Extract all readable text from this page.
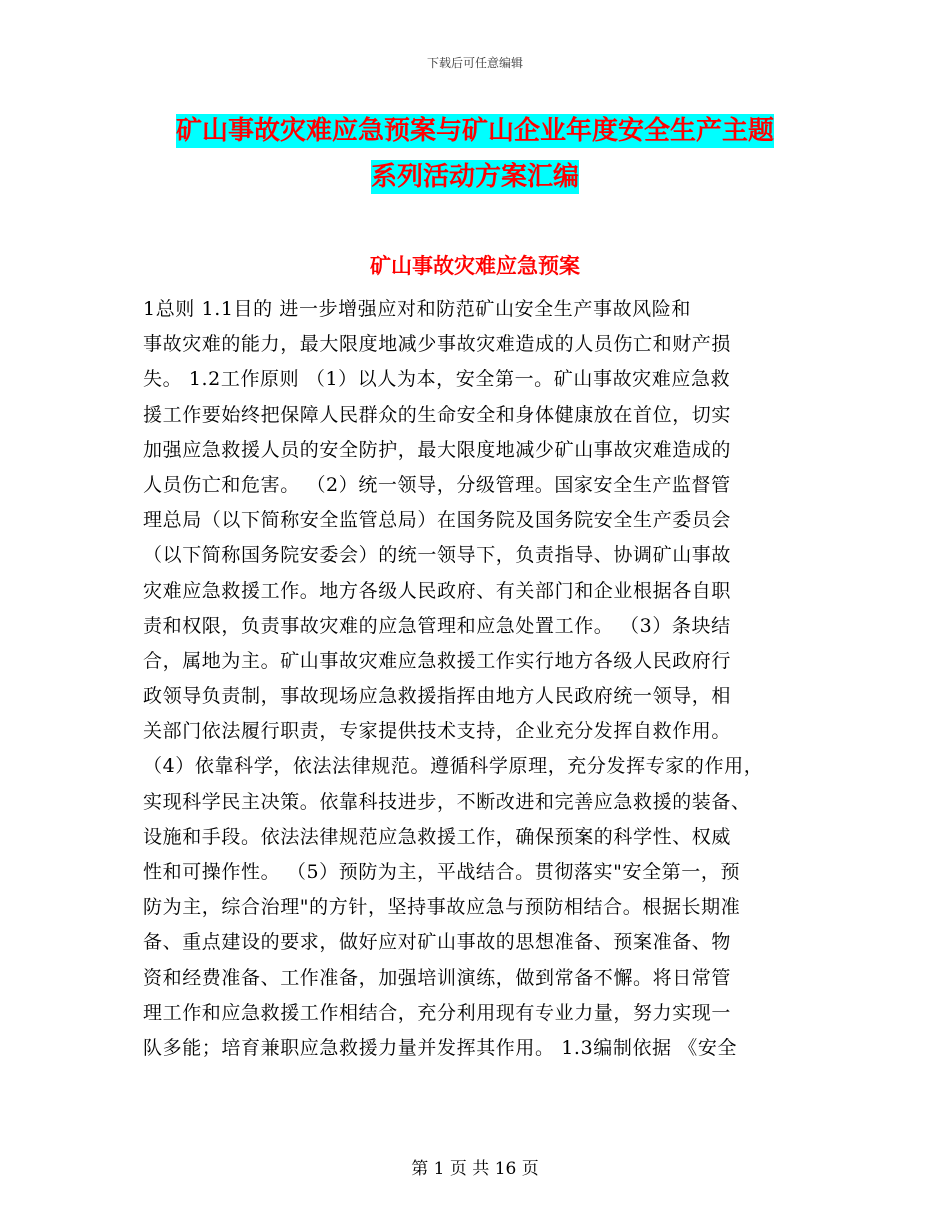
下载后可任意编辑
矿山事故灾难应急预案与矿山企业年度安全生产主题
系列活动方案汇编
矿山事故灾难应急预案
1总则 1.1目的 进一步增强应对和防范矿山安全生产事故风险和
事故灾难的能力，最大限度地减少事故灾难造成的人员伤亡和财产损
失。 1.2工作原则 （1）以人为本，安全第一。矿山事故灾难应急救
援工作要始终把保障人民群众的生命安全和身体健康放在首位，切实
加强应急救援人员的安全防护，最大限度地减少矿山事故灾难造成的
人员伤亡和危害。 （2）统一领导，分级管理。国家安全生产监督管
理总局（以下简称安全监管总局）在国务院及国务院安全生产委员会
（以下简称国务院安委会）的统一领导下，负责指导、协调矿山事故
灾难应急救援工作。地方各级人民政府、有关部门和企业根据各自职
责和权限，负责事故灾难的应急管理和应急处置工作。 （3）条块结
合，属地为主。矿山事故灾难应急救援工作实行地方各级人民政府行
政领导负责制，事故现场应急救援指挥由地方人民政府统一领导，相
关部门依法履行职责，专家提供技术支持，企业充分发挥自救作用。
（4）依靠科学，依法法律规范。遵循科学原理，充分发挥专家的作用，
实现科学民主决策。依靠科技进步，不断改进和完善应急救援的装备、
设施和手段。依法法律规范应急救援工作，确保预案的科学性、权威
性和可操作性。 （5）预防为主，平战结合。贯彻落实"安全第一，预
防为主，综合治理"的方针，坚持事故应急与预防相结合。根据长期准
备、重点建设的要求，做好应对矿山事故的思想准备、预案准备、物
资和经费准备、工作准备，加强培训演练，做到常备不懈。将日常管
理工作和应急救援工作相结合，充分利用现有专业力量，努力实现一
队多能；培育兼职应急救援力量并发挥其作用。 1.3编制依据 《安全
第 1 页 共 16 页
